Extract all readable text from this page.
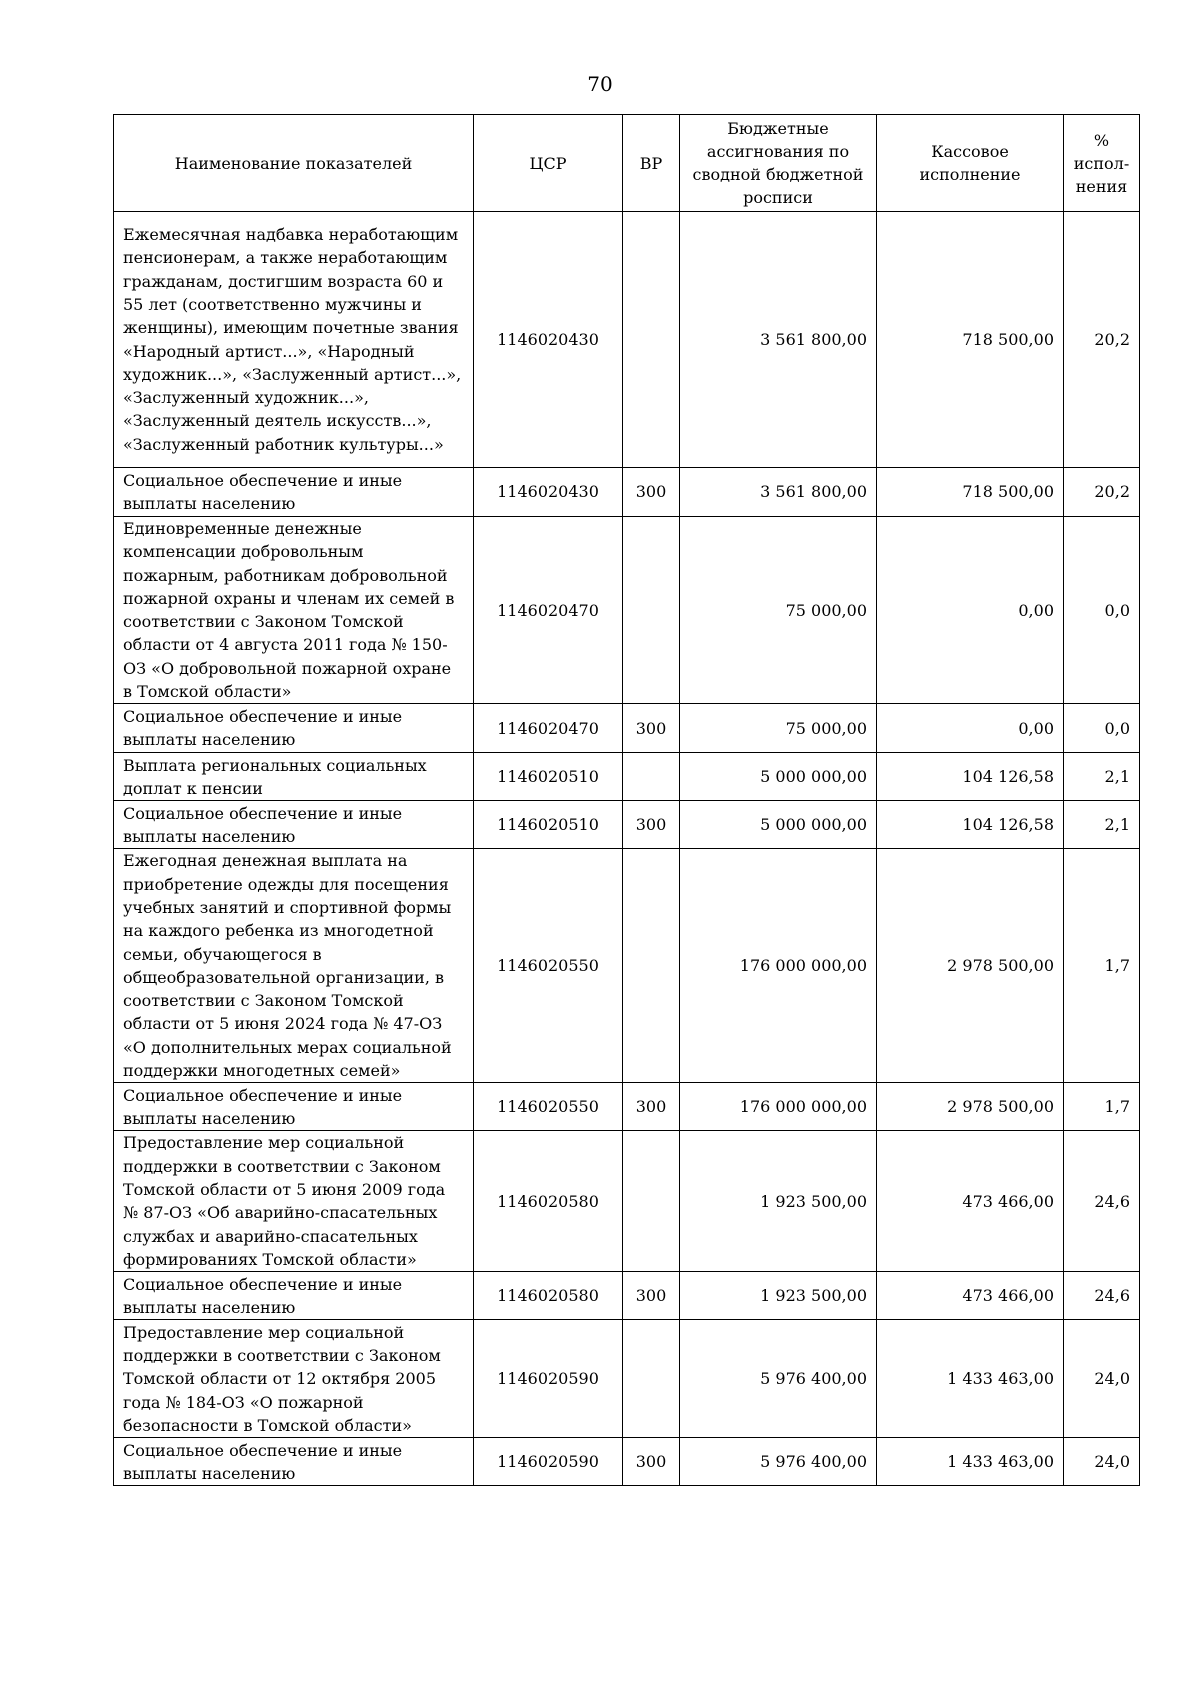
70
Наименование показателей	ЦСР	ВР	Бюджетные ассигнования по сводной бюджетной росписи	Кассовое исполнение	% испол-нения
Ежемесячная надбавка неработающим пенсионерам, а также неработающим гражданам, достигшим возраста 60 и 55 лет (соответственно мужчины и женщины), имеющим почетные звания «Народный артист...», «Народный художник...», «Заслуженный артист...», «Заслуженный художник...», «Заслуженный деятель искусств...», «Заслуженный работник культуры...»	1146020430		3 561 800,00	718 500,00	20,2
Социальное обеспечение и иные выплаты населению	1146020430	300	3 561 800,00	718 500,00	20,2
Единовременные денежные компенсации добровольным пожарным, работникам добровольной пожарной охраны и членам их семей в соответствии с Законом Томской области от 4 августа 2011 года № 150-ОЗ «О добровольной пожарной охране в Томской области»	1146020470		75 000,00	0,00	0,0
Социальное обеспечение и иные выплаты населению	1146020470	300	75 000,00	0,00	0,0
Выплата региональных социальных доплат к пенсии	1146020510		5 000 000,00	104 126,58	2,1
Социальное обеспечение и иные выплаты населению	1146020510	300	5 000 000,00	104 126,58	2,1
Ежегодная денежная выплата на приобретение одежды для посещения учебных занятий и спортивной формы на каждого ребенка из многодетной семьи, обучающегося в общеобразовательной организации, в соответствии с Законом Томской области от 5 июня 2024 года № 47-ОЗ «О дополнительных мерах социальной поддержки многодетных семей»	1146020550		176 000 000,00	2 978 500,00	1,7
Социальное обеспечение и иные выплаты населению	1146020550	300	176 000 000,00	2 978 500,00	1,7
Предоставление мер социальной поддержки в соответствии с Законом Томской области от 5 июня 2009 года № 87-ОЗ «Об аварийно-спасательных службах и аварийно-спасательных формированиях Томской области»	1146020580		1 923 500,00	473 466,00	24,6
Социальное обеспечение и иные выплаты населению	1146020580	300	1 923 500,00	473 466,00	24,6
Предоставление мер социальной поддержки в соответствии с Законом Томской области от 12 октября 2005 года № 184-ОЗ «О пожарной безопасности в Томской области»	1146020590		5 976 400,00	1 433 463,00	24,0
Социальное обеспечение и иные выплаты населению	1146020590	300	5 976 400,00	1 433 463,00	24,0
